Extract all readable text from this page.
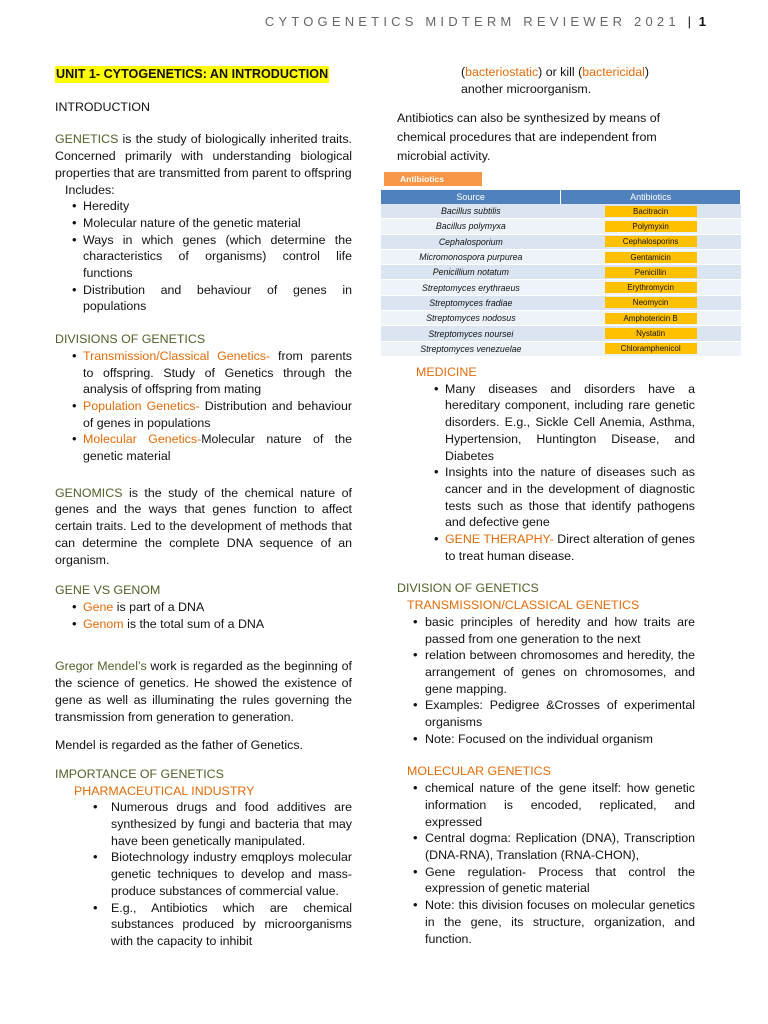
CYTOGENETICS MIDTERM REVIEWER 2021 | 1

UNIT 1- CYTOGENETICS: AN INTRODUCTION

INTRODUCTION

GENETICS is the study of biologically inherited traits. Concerned primarily with understanding biological properties that are transmitted from parent to offspring

Includes:

• Heredity
• Molecular nature of the genetic material
• Ways in which genes (which determine the characteristics of organisms) control life functions
• Distribution and behaviour of genes in populations

DIVISIONS OF GENETICS

• Transmission/Classical Genetics- from parents to offspring. Study of Genetics through the analysis of offspring from mating
• Population Genetics- Distribution and behaviour of genes in populations
• Molecular Genetics-Molecular nature of the genetic material

GENOMICS is the study of the chemical nature of genes and the ways that genes function to affect certain traits. Led to the development of methods that can determine the complete DNA sequence of an organism.

GENE VS GENOM

• Gene is part of a DNA
• Genom is the total sum of a DNA

Gregor Mendel’s work is regarded as the beginning of the science of genetics. He showed the existence of gene as well as illuminating the rules governing the transmission from generation to generation.

Mendel is regarded as the father of Genetics.

IMPORTANCE OF GENETICS

PHARMACEUTICAL INDUSTRY

• Numerous drugs and food additives are synthesized by fungi and bacteria that may have been genetically manipulated.
• Biotechnology industry emqploys molecular genetic techniques to develop and mass-produce substances of commercial value.
• E.g., Antibiotics which are chemical substances produced by microorganisms with the capacity to inhibit

(bacteriostatic) or kill (bactericidal)

another microorganism.

Antibiotics can also be synthesized by means of chemical procedures that are independent from microbial activity.

Antibiotics
Source	Antibiotics
Bacillus subtilis	Bacitracin
Bacillus polymyxa	Polymyxin
Cephalosporium	Cephalosporins
Micromonospora purpurea	Gentamicin
Penicillium notatum	Penicillin
Streptomyces erythraeus	Erythromycin
Streptomyces fradiae	Neomycin
Streptomyces nodosus	Amphotericin B
Streptomyces noursei	Nystatin
Streptomyces venezuelae	Chloramphenicol

MEDICINE

• Many diseases and disorders have a hereditary component, including rare genetic disorders. E.g., Sickle Cell Anemia, Asthma, Hypertension, Huntington Disease, and Diabetes
• Insights into the nature of diseases such as cancer and in the development of diagnostic tests such as those that identify pathogens and defective gene
• GENE THERAPHY- Direct alteration of genes to treat human disease.

DIVISION OF GENETICS

TRANSMISSION/CLASSICAL GENETICS

• basic principles of heredity and how traits are passed from one generation to the next
• relation between chromosomes and heredity, the arrangement of genes on chromosomes, and gene mapping.
• Examples: Pedigree &Crosses of experimental organisms
• Note: Focused on the individual organism

MOLECULAR GENETICS

• chemical nature of the gene itself: how genetic information is encoded, replicated, and expressed
• Central dogma: Replication (DNA), Transcription (DNA-RNA), Translation (RNA-CHON),
• Gene regulation- Process that control the expression of genetic material
• Note: this division focuses on molecular genetics in the gene, its structure, organization, and function.
